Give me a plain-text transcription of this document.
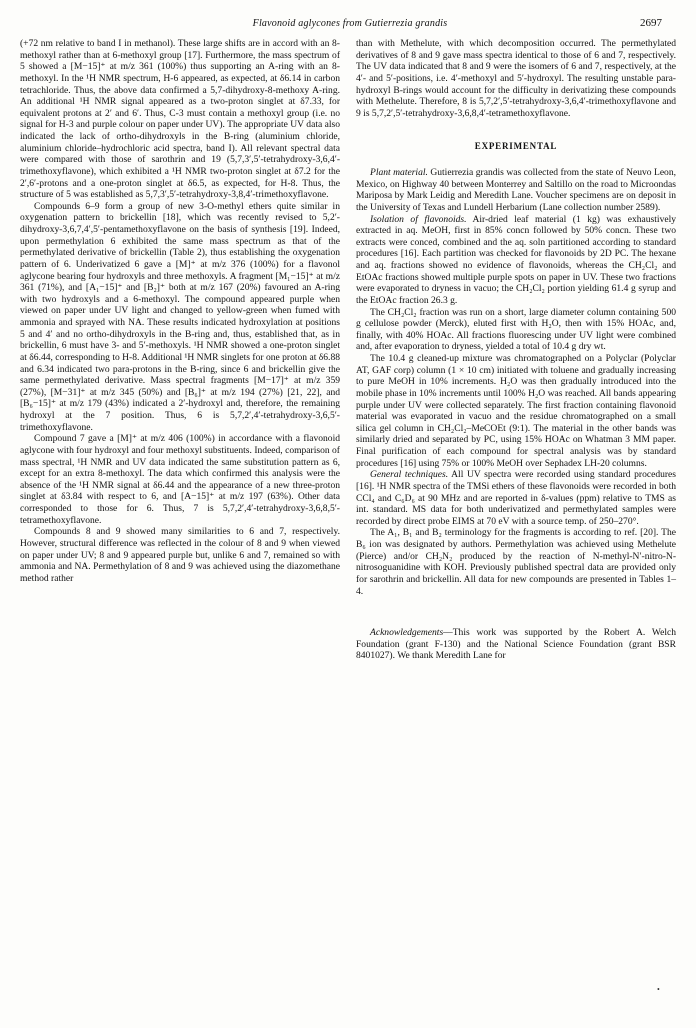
Flavonoid aglycones from Gutierrezia grandis	2697

(+72 nm relative to band I in methanol). These large shifts are in accord with an 8-methoxyl rather than at 6-methoxyl group [17]. Furthermore, the mass spectrum of 5 showed a [M−15]⁺ at m/z 361 (100%) thus supporting an A-ring with an 8-methoxyl. In the ¹H NMR spectrum, H-6 appeared, as expected, at δ6.14 in carbon tetrachloride. Thus, the above data confirmed a 5,7-dihydroxy-8-methoxy A-ring. An additional ¹H NMR signal appeared as a two-proton singlet at δ7.33, for equivalent protons at 2′ and 6′. Thus, C-3 must contain a methoxyl group (i.e. no signal for H-3 and purple colour on paper under UV). The appropriate UV data also indicated the lack of ortho-dihydroxyls in the B-ring (aluminium chloride, aluminium chloride–hydrochloric acid spectra, band I). All relevant spectral data were compared with those of sarothrin and 19 (5,7,3′,5′-tetrahydroxy-3,6,4′-trimethoxyflavone), which exhibited a ¹H NMR two-proton singlet at δ7.2 for the 2′,6′-protons and a one-proton singlet at δ6.5, as expected, for H-8. Thus, the structure of 5 was established as 5,7,3′,5′-tetrahydroxy-3,8,4′-trimethoxyflavone.

Compounds 6–9 form a group of new 3-O-methyl ethers quite similar in oxygenation pattern to brickellin [18], which was recently revised to 5,2′-dihydroxy-3,6,7,4′,5′-pentamethoxyflavone on the basis of synthesis [19]. Indeed, upon permethylation 6 exhibited the same mass spectrum as that of the permethylated derivative of brickellin (Table 2), thus establishing the oxygenation pattern of 6. Underivatized 6 gave a [M]⁺ at m/z 376 (100%) for a flavonol aglycone bearing four hydroxyls and three methoxyls. A fragment [M₁−15]⁺ at m/z 361 (71%), and [A₁−15]⁺ and [B₂]⁺ both at m/z 167 (20%) favoured an A-ring with two hydroxyls and a 6-methoxyl. The compound appeared purple when viewed on paper under UV light and changed to yellow-green when fumed with ammonia and sprayed with NA. These results indicated hydroxylation at positions 5 and 4′ and no ortho-dihydroxyls in the B-ring and, thus, established that, as in brickellin, 6 must have 3- and 5′-methoxyls. ¹H NMR showed a one-proton singlet at δ6.44, corresponding to H-8. Additional ¹H NMR singlets for one proton at δ6.88 and 6.34 indicated two para-protons in the B-ring, since 6 and brickellin give the same permethylated derivative. Mass spectral fragments [M−17]⁺ at m/z 359 (27%), [M−31]⁺ at m/z 345 (50%) and [B₆]⁺ at m/z 194 (27%) [21, 22], and [B₆−15]⁺ at m/z 179 (43%) indicated a 2′-hydroxyl and, therefore, the remaining hydroxyl at the 7 position. Thus, 6 is 5,7,2′,4′-tetrahydroxy-3,6,5′-trimethoxyflavone.

Compound 7 gave a [M]⁺ at m/z 406 (100%) in accordance with a flavonoid aglycone with four hydroxyl and four methoxyl substituents. Indeed, comparison of mass spectral, ¹H NMR and UV data indicated the same substitution pattern as 6, except for an extra 8-methoxyl. The data which confirmed this analysis were the absence of the ¹H NMR signal at δ6.44 and the appearance of a new three-proton singlet at δ3.84 with respect to 6, and [A−15]⁺ at m/z 197 (63%). Other data corresponded to those for 6. Thus, 7 is 5,7,2′,4′-tetrahydroxy-3,6,8,5′-tetramethoxyflavone.

Compounds 8 and 9 showed many similarities to 6 and 7, respectively. However, structural difference was reflected in the colour of 8 and 9 when viewed on paper under UV; 8 and 9 appeared purple but, unlike 6 and 7, remained so with ammonia and NA. Permethylation of 8 and 9 was achieved using the diazomethane method rather

than with Methelute, with which decomposition occurred. The permethylated derivatives of 8 and 9 gave mass spectra identical to those of 6 and 7, respectively. The UV data indicated that 8 and 9 were the isomers of 6 and 7, respectively, at the 4′- and 5′-positions, i.e. 4′-methoxyl and 5′-hydroxyl. The resulting unstable para-hydroxyl B-rings would account for the difficulty in derivatizing these compounds with Methelute. Therefore, 8 is 5,7,2′,5′-tetrahydroxy-3,6,4′-trimethoxyflavone and 9 is 5,7,2′,5′-tetrahydroxy-3,6,8,4′-tetramethoxyflavone.

EXPERIMENTAL

Plant material. Gutierrezia grandis was collected from the state of Neuvo Leon, Mexico, on Highway 40 between Monterrey and Saltillo on the road to Microondas Mariposa by Mark Leidig and Meredith Lane. Voucher specimens are on deposit in the University of Texas and Lundell Herbarium (Lane collection number 2589).

Isolation of flavonoids. Air-dried leaf material (1 kg) was exhaustively extracted in aq. MeOH, first in 85% concn followed by 50% concn. These two extracts were conced, combined and the aq. soln partitioned according to standard procedures [16]. Each partition was checked for flavonoids by 2D PC. The hexane and aq. fractions showed no evidence of flavonoids, whereas the CH₂Cl₂ and EtOAc fractions showed multiple purple spots on paper in UV. These two fractions were evaporated to dryness in vacuo; the CH₂Cl₂ portion yielding 61.4 g syrup and the EtOAc fraction 26.3 g.

The CH₂Cl₂ fraction was run on a short, large diameter column containing 500 g cellulose powder (Merck), eluted first with H₂O, then with 15% HOAc, and, finally, with 40% HOAc. All fractions fluorescing under UV light were combined and, after evaporation to dryness, yielded a total of 10.4 g dry wt.

The 10.4 g cleaned-up mixture was chromatographed on a Polyclar (Polyclar AT, GAF corp) column (1 × 10 cm) initiated with toluene and gradually increasing to pure MeOH in 10% increments. H₂O was then gradually introduced into the mobile phase in 10% increments until 100% H₂O was reached. All bands appearing purple under UV were collected separately. The first fraction containing flavonoid material was evaporated in vacuo and the residue chromatographed on a small silica gel column in CH₂Cl₂–MeCOEt (9:1). The material in the other bands was similarly dried and separated by PC, using 15% HOAc on Whatman 3 MM paper. Final purification of each compound for spectral analysis was by standard procedures [16] using 75% or 100% MeOH over Sephadex LH-20 columns.

General techniques. All UV spectra were recorded using standard procedures [16]. ¹H NMR spectra of the TMSi ethers of these flavonoids were recorded in both CCl₄ and C₆D₆ at 90 MHz and are reported in δ-values (ppm) relative to TMS as int. standard. MS data for both underivatized and permethylated samples were recorded by direct probe EIMS at 70 eV with a source temp. of 250–270°.

The A₁, B₁ and B₂ terminology for the fragments is according to ref. [20]. The B₆ ion was designated by authors. Permethylation was achieved using Methelute (Pierce) and/or CH₂N₂ produced by the reaction of N-methyl-N′-nitro-N-nitrosoguanidine with KOH. Previously published spectral data are provided only for sarothrin and brickellin. All data for new compounds are presented in Tables 1–4.

Acknowledgements—This work was supported by the Robert A. Welch Foundation (grant F-130) and the National Science Foundation (grant BSR 8401027). We thank Meredith Lane for

•
